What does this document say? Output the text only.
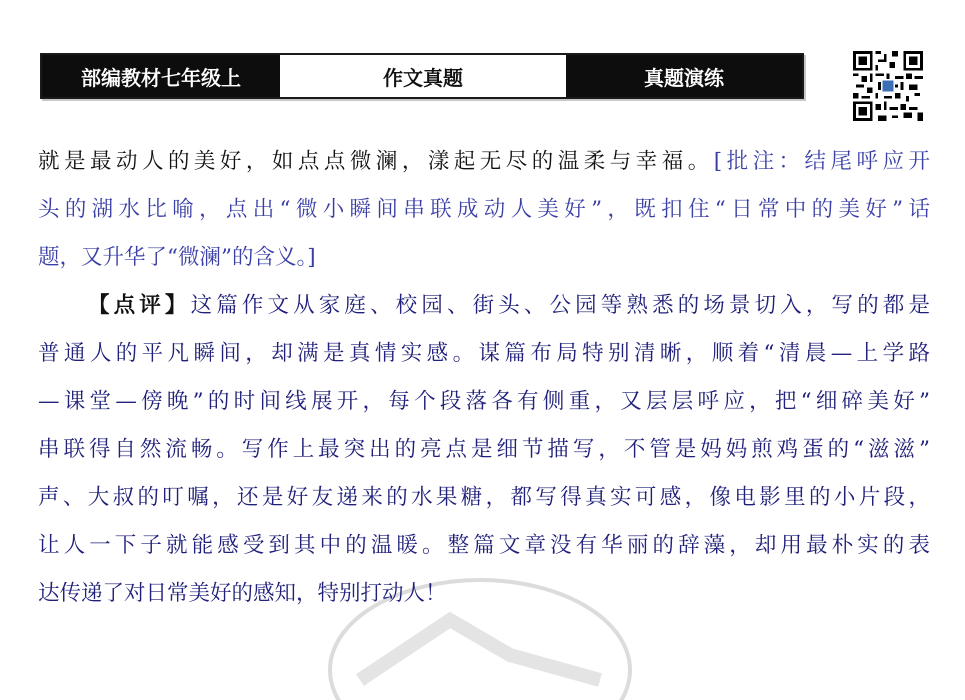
部编教材七年级上	作文真题	真题演练
就是最动人的美好，如点点微澜，漾起无尽的温柔与幸福。[批注：结尾呼应开
头的湖水比喻，点出“微小瞬间串联成动人美好”，既扣住“日常中的美好”话
题，又升华了“微澜”的含义。]
【点评】这篇作文从家庭、校园、街头、公园等熟悉的场景切入，写的都是
普通人的平凡瞬间，却满是真情实感。谋篇布局特别清晰，顺着“清晨—上学路
—课堂—傍晚”的时间线展开，每个段落各有侧重，又层层呼应，把“细碎美好”
串联得自然流畅。写作上最突出的亮点是细节描写，不管是妈妈煎鸡蛋的“滋滋”
声、大叔的叮嘱，还是好友递来的水果糖，都写得真实可感，像电影里的小片段，
让人一下子就能感受到其中的温暖。整篇文章没有华丽的辞藻，却用最朴实的表
达传递了对日常美好的感知，特别打动人！
